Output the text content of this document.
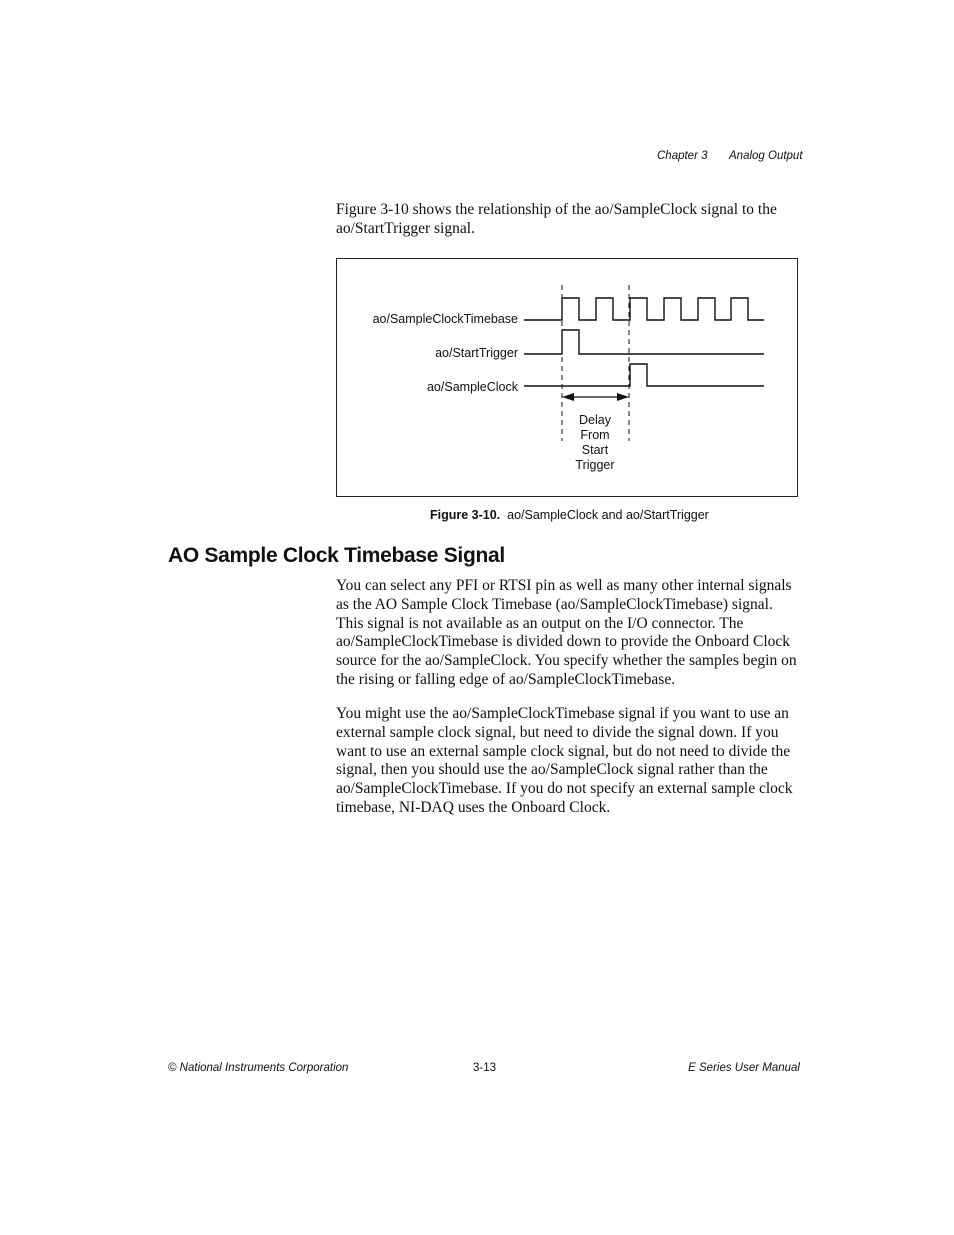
Chapter 3 Analog Output

Figure 3-10 shows the relationship of the ao/SampleClock signal to the ao/StartTrigger signal.

ao/SampleClockTimebase
ao/StartTrigger
ao/SampleClock
Delay
From
Start
Trigger
Figure 3-10. ao/SampleClock and ao/StartTrigger
AO Sample Clock Timebase Signal

You can select any PFI or RTSI pin as well as many other internal signals as the AO Sample Clock Timebase (ao/SampleClockTimebase) signal. This signal is not available as an output on the I/O connector. The ao/SampleClockTimebase is divided down to provide the Onboard Clock source for the ao/SampleClock. You specify whether the samples begin on the rising or falling edge of ao/SampleClockTimebase.

You might use the ao/SampleClockTimebase signal if you want to use an external sample clock signal, but need to divide the signal down. If you want to use an external sample clock signal, but do not need to divide the signal, then you should use the ao/SampleClock signal rather than the ao/SampleClockTimebase. If you do not specify an external sample clock timebase, NI-DAQ uses the Onboard Clock.

© National Instruments Corporation	3-13	E Series User Manual
